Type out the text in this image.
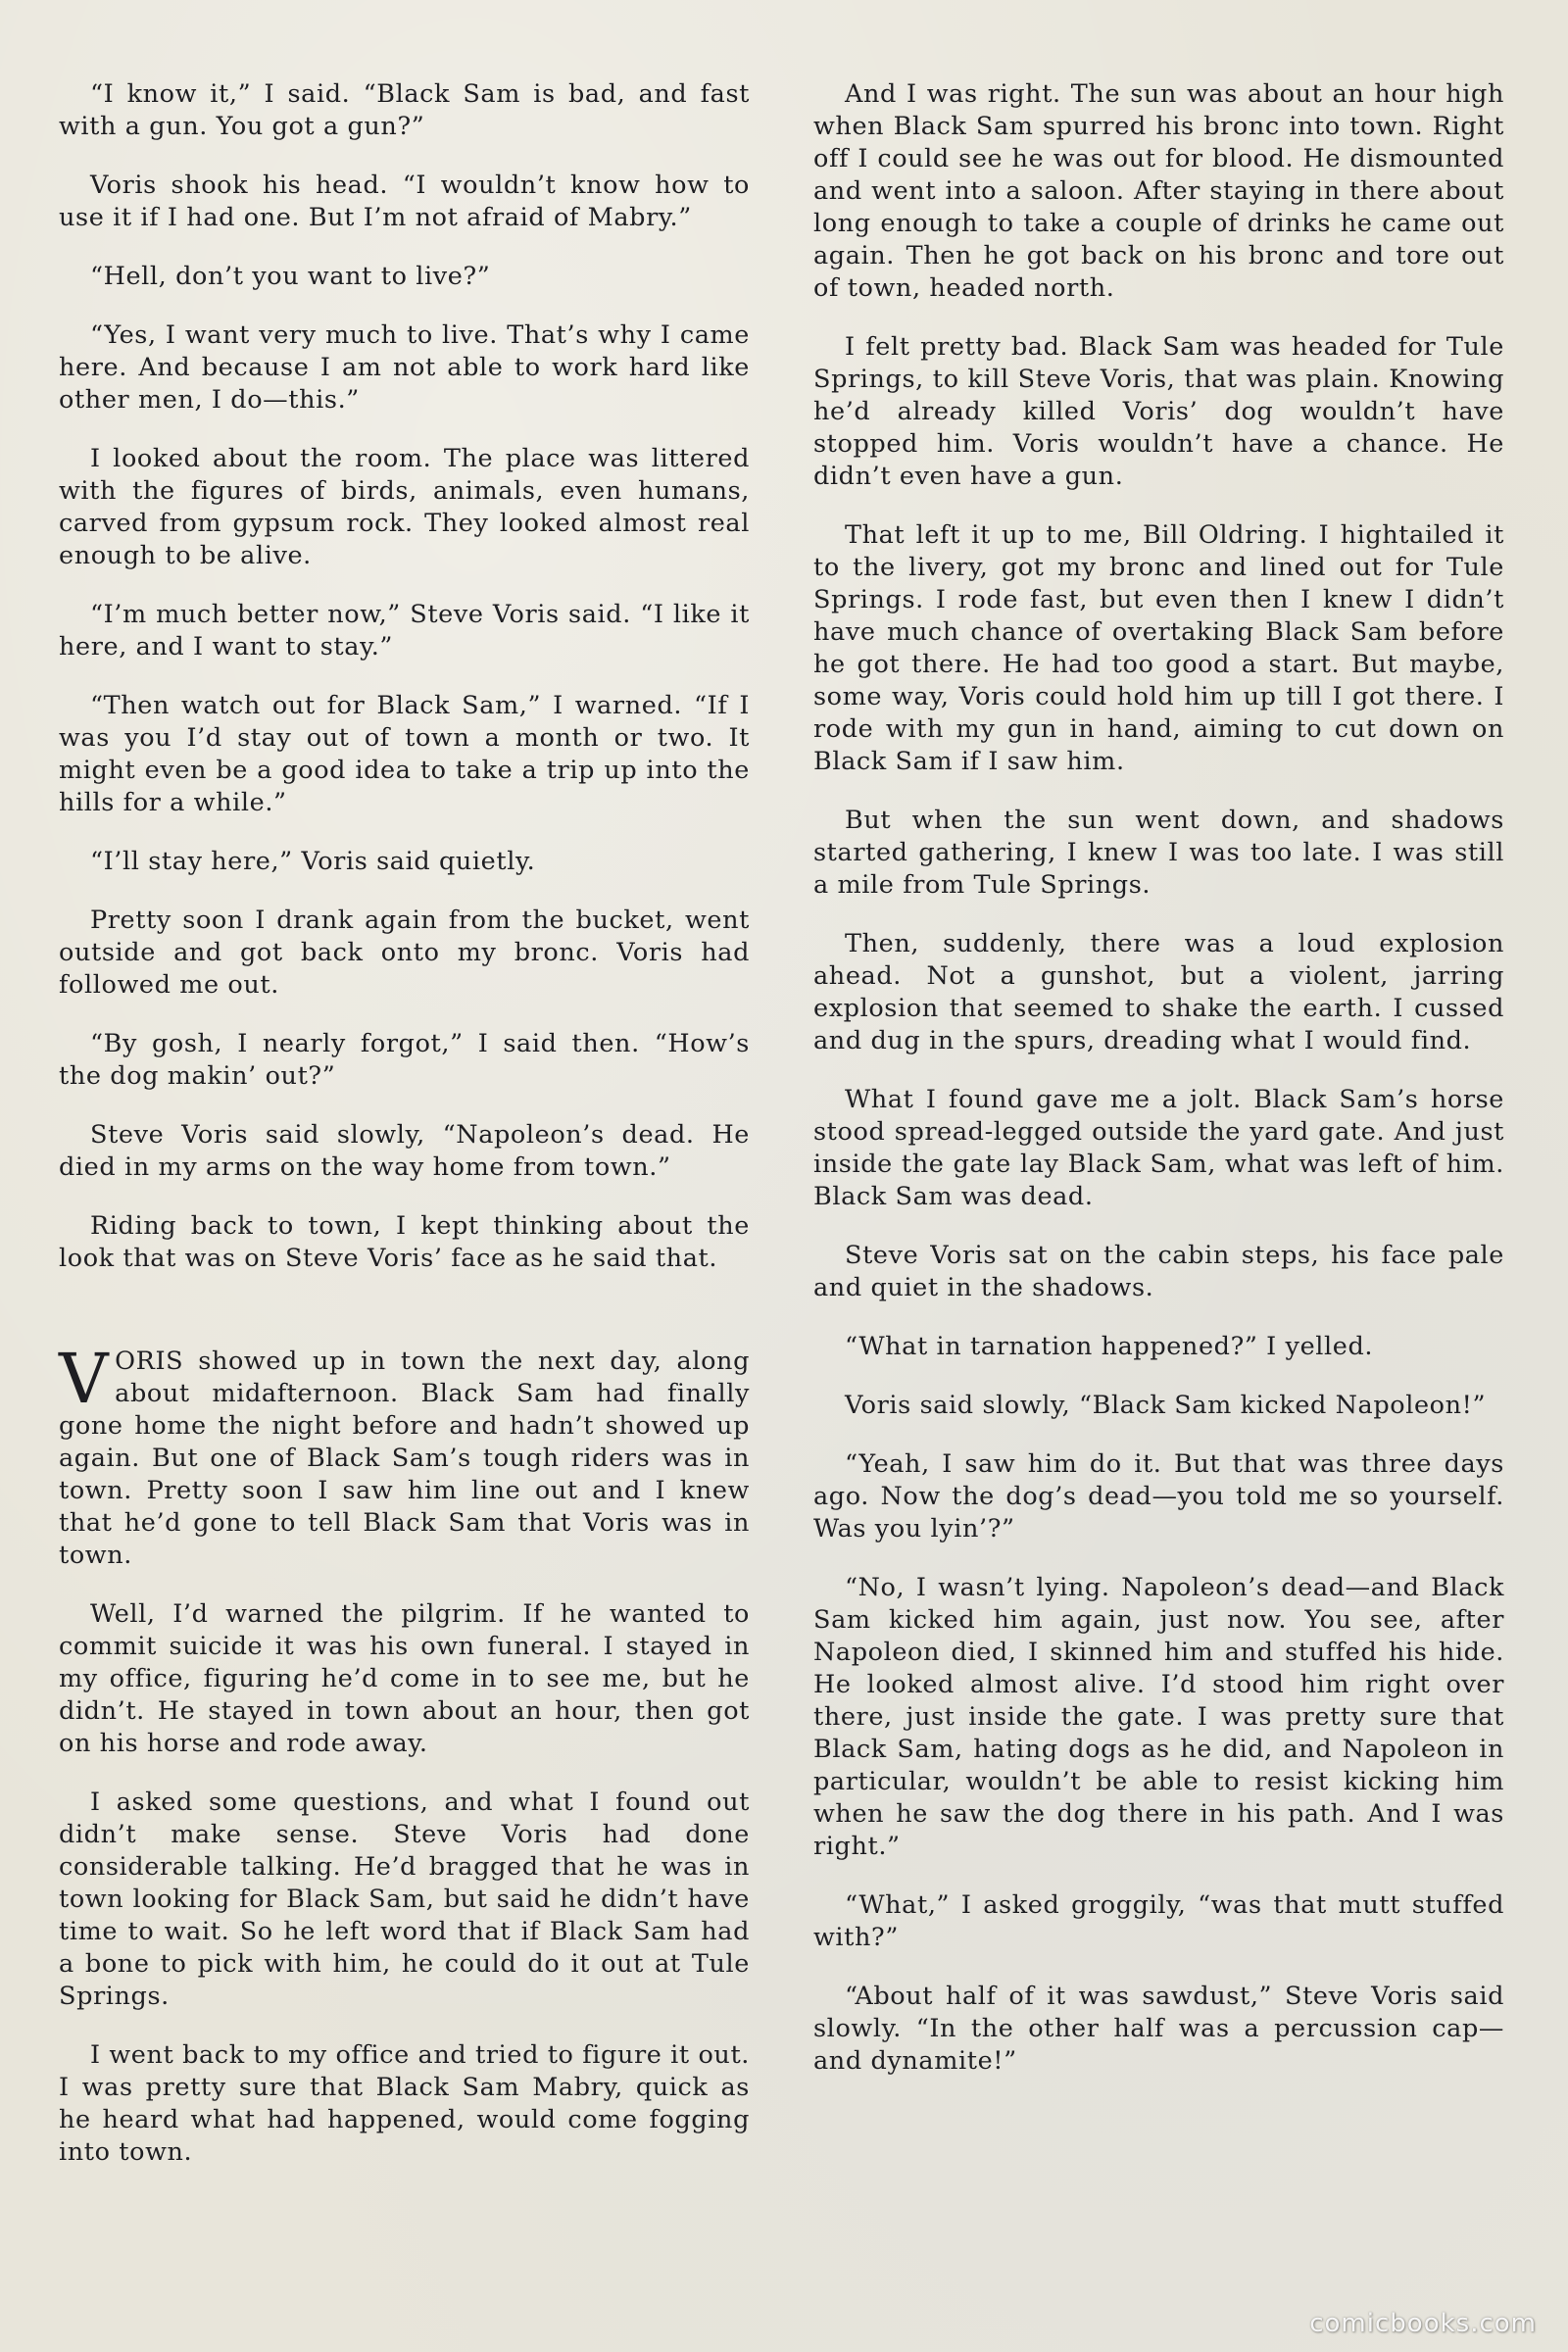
“I know it,” I said. “Black Sam is bad, and fast with a gun. You got a gun?”

Voris shook his head. “I wouldn’t know how to use it if I had one. But I’m not afraid of Mabry.”

“Hell, don’t you want to live?”

“Yes, I want very much to live. That’s why I came here. And because I am not able to work hard like other men, I do—this.”

I looked about the room. The place was littered with the figures of birds, animals, even humans, carved from gypsum rock. They looked almost real enough to be alive.

“I’m much better now,” Steve Voris said. “I like it here, and I want to stay.”

“Then watch out for Black Sam,” I warned. “If I was you I’d stay out of town a month or two. It might even be a good idea to take a trip up into the hills for a while.”

“I’ll stay here,” Voris said quietly.

Pretty soon I drank again from the bucket, went outside and got back onto my bronc. Voris had followed me out.

“By gosh, I nearly forgot,” I said then. “How’s the dog makin’ out?”

Steve Voris said slowly, “Napoleon’s dead. He died in my arms on the way home from town.”

Riding back to town, I kept thinking about the look that was on Steve Voris’ face as he said that.

VORIS showed up in town the next day, along about midafternoon. Black Sam had finally gone home the night before and hadn’t showed up again. But one of Black Sam’s tough riders was in town. Pretty soon I saw him line out and I knew that he’d gone to tell Black Sam that Voris was in town.

Well, I’d warned the pilgrim. If he wanted to commit suicide it was his own funeral. I stayed in my office, figuring he’d come in to see me, but he didn’t. He stayed in town about an hour, then got on his horse and rode away.

I asked some questions, and what I found out didn’t make sense. Steve Voris had done considerable talking. He’d bragged that he was in town looking for Black Sam, but said he didn’t have time to wait. So he left word that if Black Sam had a bone to pick with him, he could do it out at Tule Springs.

I went back to my office and tried to figure it out. I was pretty sure that Black Sam Mabry, quick as he heard what had happened, would come fogging into town.

And I was right. The sun was about an hour high when Black Sam spurred his bronc into town. Right off I could see he was out for blood. He dismounted and went into a saloon. After staying in there about long enough to take a couple of drinks he came out again. Then he got back on his bronc and tore out of town, headed north.

I felt pretty bad. Black Sam was headed for Tule Springs, to kill Steve Voris, that was plain. Knowing he’d already killed Voris’ dog wouldn’t have stopped him. Voris wouldn’t have a chance. He didn’t even have a gun.

That left it up to me, Bill Oldring. I hightailed it to the livery, got my bronc and lined out for Tule Springs. I rode fast, but even then I knew I didn’t have much chance of overtaking Black Sam before he got there. He had too good a start. But maybe, some way, Voris could hold him up till I got there. I rode with my gun in hand, aiming to cut down on Black Sam if I saw him.

But when the sun went down, and shadows started gathering, I knew I was too late. I was still a mile from Tule Springs.

Then, suddenly, there was a loud explosion ahead. Not a gunshot, but a violent, jarring explosion that seemed to shake the earth. I cussed and dug in the spurs, dreading what I would find.

What I found gave me a jolt. Black Sam’s horse stood spread-legged outside the yard gate. And just inside the gate lay Black Sam, what was left of him. Black Sam was dead.

Steve Voris sat on the cabin steps, his face pale and quiet in the shadows.

“What in tarnation happened?” I yelled.

Voris said slowly, “Black Sam kicked Napoleon!”

“Yeah, I saw him do it. But that was three days ago. Now the dog’s dead—you told me so yourself. Was you lyin’?”

“No, I wasn’t lying. Napoleon’s dead—and Black Sam kicked him again, just now. You see, after Napoleon died, I skinned him and stuffed his hide. He looked almost alive. I’d stood him right over there, just inside the gate. I was pretty sure that Black Sam, hating dogs as he did, and Napoleon in particular, wouldn’t be able to resist kicking him when he saw the dog there in his path. And I was right.”

“What,” I asked groggily, “was that mutt stuffed with?”

“About half of it was sawdust,” Steve Voris said slowly. “In the other half was a percussion cap—and dynamite!”

comicbooks.com
